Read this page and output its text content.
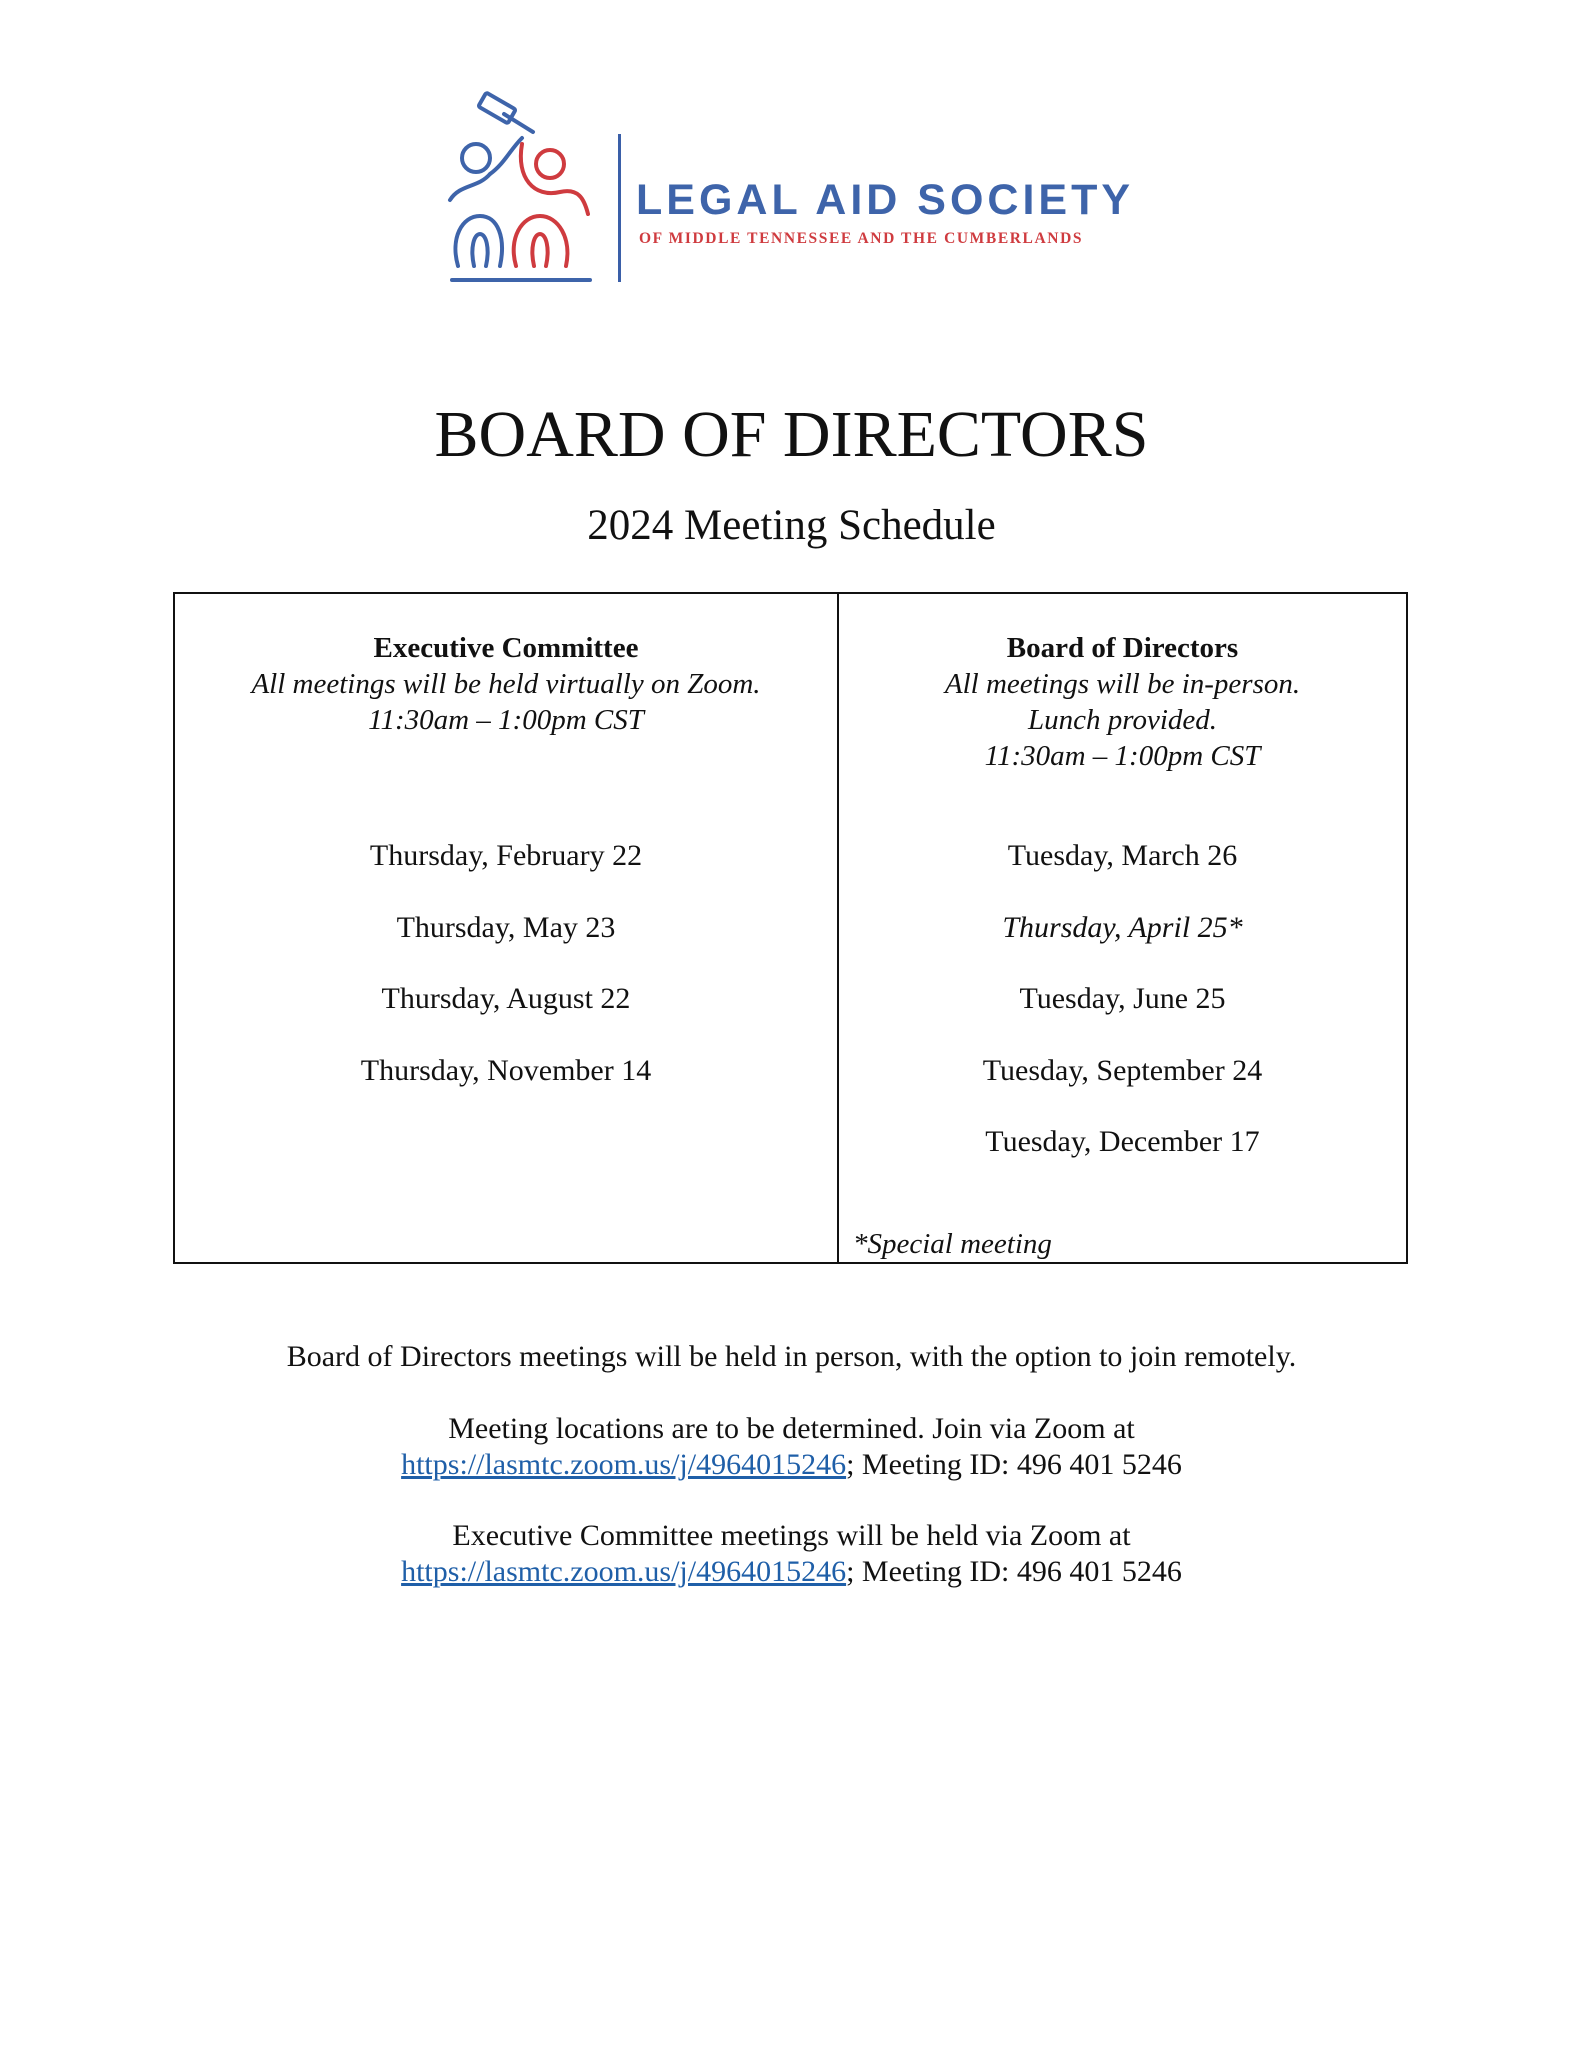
LEGAL AID SOCIETY
OF MIDDLE TENNESSEE AND THE CUMBERLANDS
BOARD OF DIRECTORS
2024 Meeting Schedule
Executive Committee
All meetings will be held virtually on Zoom.
11:30am – 1:00pm CST
Thursday, February 22
Thursday, May 23
Thursday, August 22
Thursday, November 14
Board of Directors
All meetings will be in-person.
Lunch provided.
11:30am – 1:00pm CST
Tuesday, March 26
Thursday, April 25*
Tuesday, June 25
Tuesday, September 24
Tuesday, December 17
*Special meeting
Board of Directors meetings will be held in person, with the option to join remotely.
Meeting locations are to be determined. Join via Zoom at
https://lasmtc.zoom.us/j/4964015246; Meeting ID: 496 401 5246
Executive Committee meetings will be held via Zoom at
https://lasmtc.zoom.us/j/4964015246; Meeting ID: 496 401 5246
